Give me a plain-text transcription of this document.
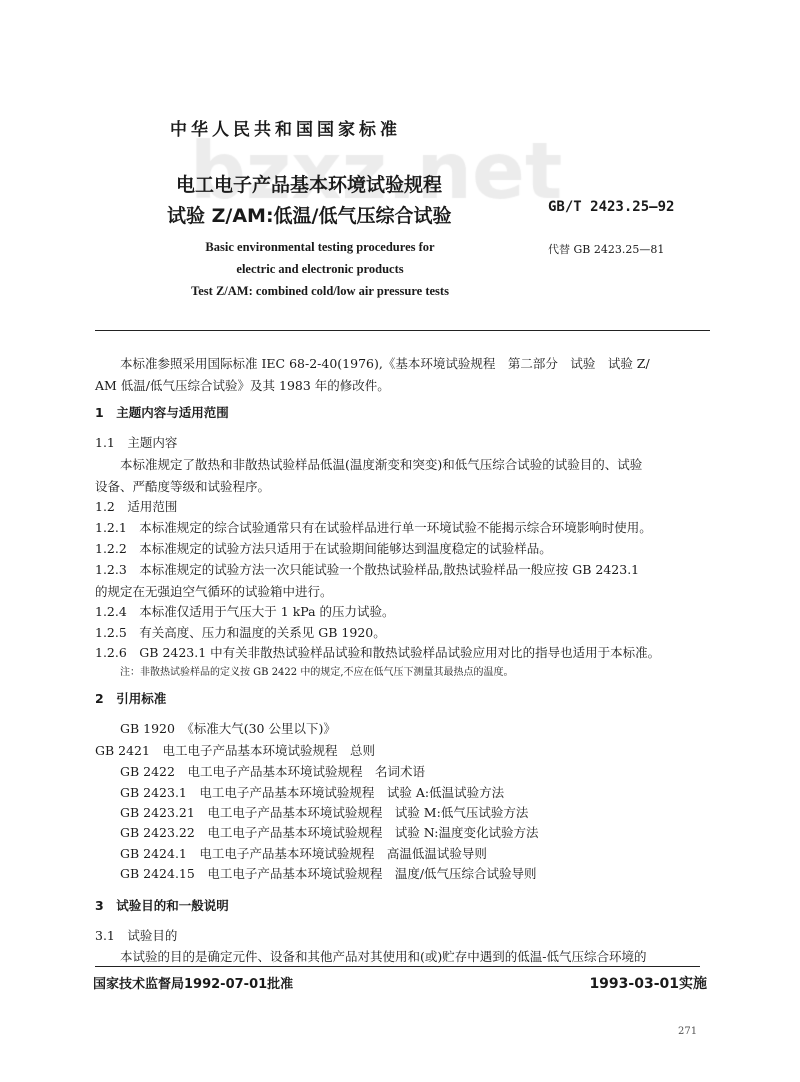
中华人民共和国国家标准
电工电子产品基本环境试验规程
试验 Z/AM:低温/低气压综合试验	GB/T 2423.25—92
代替 GB 2423.25—81
Basic environmental testing procedures for
electric and electronic products
Test Z/AM: combined cold/low air pressure tests
本标准参照采用国际标准 IEC 68-2-40(1976),《基本环境试验规程　第二部分　试验　试验 Z/
AM 低温/低气压综合试验》及其 1983 年的修改件。
1　主题内容与适用范围
1.1　主题内容
本标准规定了散热和非散热试验样品低温(温度渐变和突变)和低气压综合试验的试验目的、试验
设备、严酷度等级和试验程序。
1.2　适用范围
1.2.1　本标准规定的综合试验通常只有在试验样品进行单一环境试验不能揭示综合环境影响时使用。
1.2.2　本标准规定的试验方法只适用于在试验期间能够达到温度稳定的试验样品。
1.2.3　本标准规定的试验方法一次只能试验一个散热试验样品,散热试验样品一般应按 GB 2423.1
的规定在无强迫空气循环的试验箱中进行。
1.2.4　本标准仅适用于气压大于 1 kPa 的压力试验。
1.2.5　有关高度、压力和温度的关系见 GB 1920。
1.2.6　GB 2423.1 中有关非散热试验样品试验和散热试验样品试验应用对比的指导也适用于本标准。
注：非散热试验样品的定义按 GB 2422 中的规定,不应在低气压下测量其最热点的温度。
2　引用标准
GB 1920　《标准大气(30 公里以下)》
GB 2421　电工电子产品基本环境试验规程　总则
GB 2422　电工电子产品基本环境试验规程　名词术语
GB 2423.1　电工电子产品基本环境试验规程　试验 A:低温试验方法
GB 2423.21　电工电子产品基本环境试验规程　试验 M:低气压试验方法
GB 2423.22　电工电子产品基本环境试验规程　试验 N:温度变化试验方法
GB 2424.1　电工电子产品基本环境试验规程　高温低温试验导则
GB 2424.15　电工电子产品基本环境试验规程　温度/低气压综合试验导则
3　试验目的和一般说明
3.1　试验目的
本试验的目的是确定元件、设备和其他产品对其使用和(或)贮存中遇到的低温-低气压综合环境的
国家技术监督局1992-07-01批准	1993-03-01实施
271
